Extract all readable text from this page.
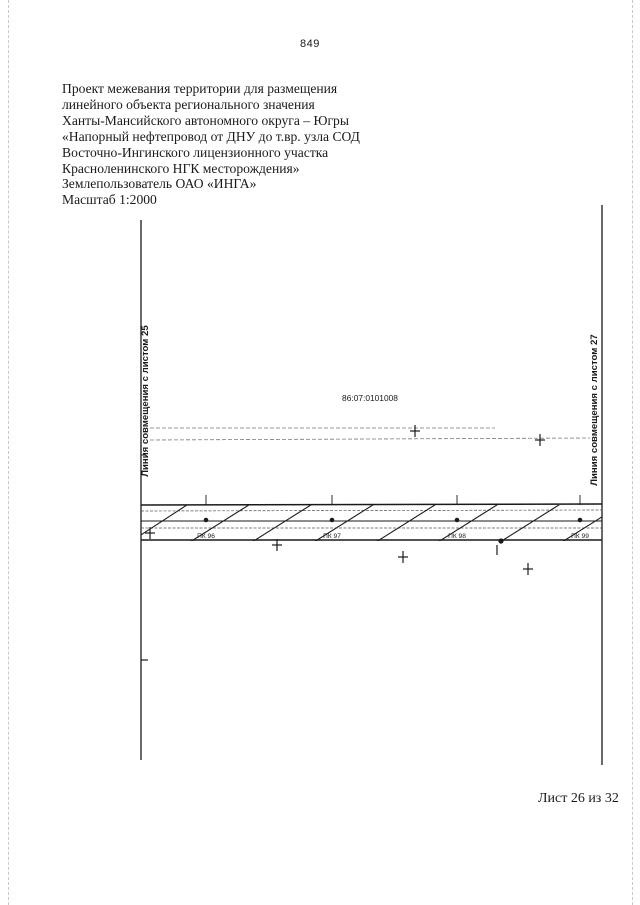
849
Проект межевания территории для размещения
линейного объекта регионального значения
Ханты-Мансийского автономного округа – Югры
«Напорный нефтепровод от ДНУ до т.вр. узла СОД
Восточно-Ингинского лицензионного участка
Красноленинского НГК месторождения»
Землепользователь ОАО «ИНГА»
Масштаб 1:2000
Линия совмещения с листом 25	Линия совмещения с листом 27
86:07:0101008
ПК 96	ПК 97	ПК 98	ПК 99
Лист 26 из 32
